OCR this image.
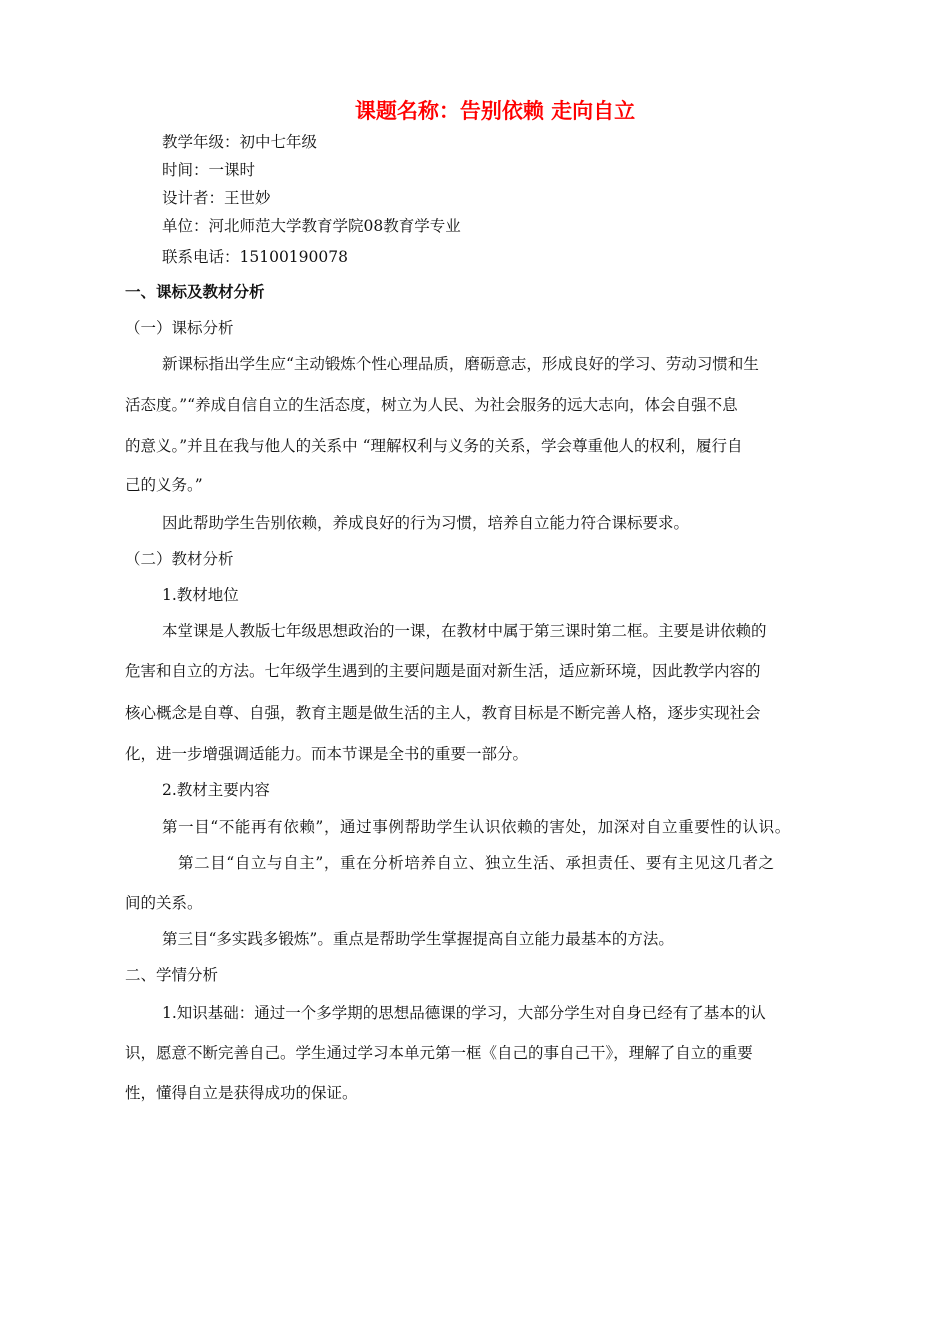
课题名称：告别依赖 走向自立
教学年级：初中七年级
时间：一课时
设计者：王世妙
单位：河北师范大学教育学院08教育学专业
联系电话：15100190078
一、课标及教材分析
（一）课标分析
新课标指出学生应“主动锻炼个性心理品质，磨砺意志，形成良好的学习、劳动习惯和生
活态度。”“养成自信自立的生活态度，树立为人民、为社会服务的远大志向，体会自强不息
的意义。”并且在我与他人的关系中 “理解权利与义务的关系，学会尊重他人的权利，履行自
己的义务。”
因此帮助学生告别依赖，养成良好的行为习惯，培养自立能力符合课标要求。
（二）教材分析
1.教材地位
本堂课是人教版七年级思想政治的一课，在教材中属于第三课时第二框。主要是讲依赖的
危害和自立的方法。七年级学生遇到的主要问题是面对新生活，适应新环境，因此教学内容的
核心概念是自尊、自强，教育主题是做生活的主人，教育目标是不断完善人格，逐步实现社会
化，进一步增强调适能力。而本节课是全书的重要一部分。
2.教材主要内容
第一目“不能再有依赖”，通过事例帮助学生认识依赖的害处，加深对自立重要性的认识。
第二目“自立与自主”，重在分析培养自立、独立生活、承担责任、要有主见这几者之
间的关系。
第三目“多实践多锻炼”。重点是帮助学生掌握提高自立能力最基本的方法。
二、学情分析
1.知识基础：通过一个多学期的思想品德课的学习，大部分学生对自身已经有了基本的认
识，愿意不断完善自己。学生通过学习本单元第一框《自己的事自己干》，理解了自立的重要
性，懂得自立是获得成功的保证。
